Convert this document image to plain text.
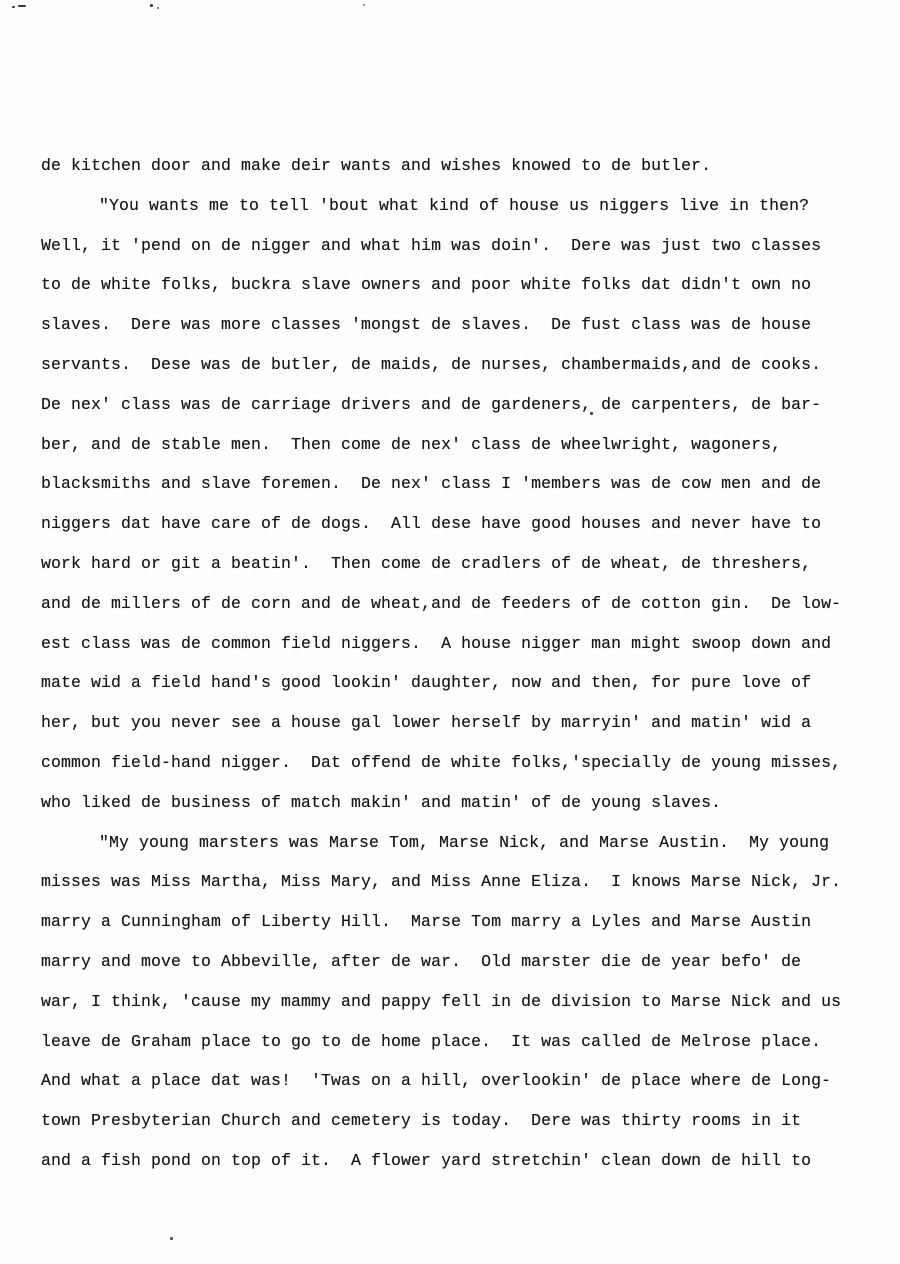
de kitchen door and make deir wants and wishes knowed to de butler.
"You wants me to tell 'bout what kind of house us niggers live in then?
Well, it 'pend on de nigger and what him was doin'.  Dere was just two classes
to de white folks, buckra slave owners and poor white folks dat didn't own no
slaves.  Dere was more classes 'mongst de slaves.  De fust class was de house
servants.  Dese was de butler, de maids, de nurses, chambermaids,and de cooks.
De nex' class was de carriage drivers and de gardeners, de carpenters, de bar-
ber, and de stable men.  Then come de nex' class de wheelwright, wagoners,
blacksmiths and slave foremen.  De nex' class I 'members was de cow men and de
niggers dat have care of de dogs.  All dese have good houses and never have to
work hard or git a beatin'.  Then come de cradlers of de wheat, de threshers,
and de millers of de corn and de wheat,and de feeders of de cotton gin.  De low-
est class was de common field niggers.  A house nigger man might swoop down and
mate wid a field hand's good lookin' daughter, now and then, for pure love of
her, but you never see a house gal lower herself by marryin' and matin' wid a
common field-hand nigger.  Dat offend de white folks,'specially de young misses,
who liked de business of match makin' and matin' of de young slaves.
"My young marsters was Marse Tom, Marse Nick, and Marse Austin.  My young
misses was Miss Martha, Miss Mary, and Miss Anne Eliza.  I knows Marse Nick, Jr.
marry a Cunningham of Liberty Hill.  Marse Tom marry a Lyles and Marse Austin
marry and move to Abbeville, after de war.  Old marster die de year befo' de
war, I think, 'cause my mammy and pappy fell in de division to Marse Nick and us
leave de Graham place to go to de home place.  It was called de Melrose place.
And what a place dat was!  'Twas on a hill, overlookin' de place where de Long-
town Presbyterian Church and cemetery is today.  Dere was thirty rooms in it
and a fish pond on top of it.  A flower yard stretchin' clean down de hill to
